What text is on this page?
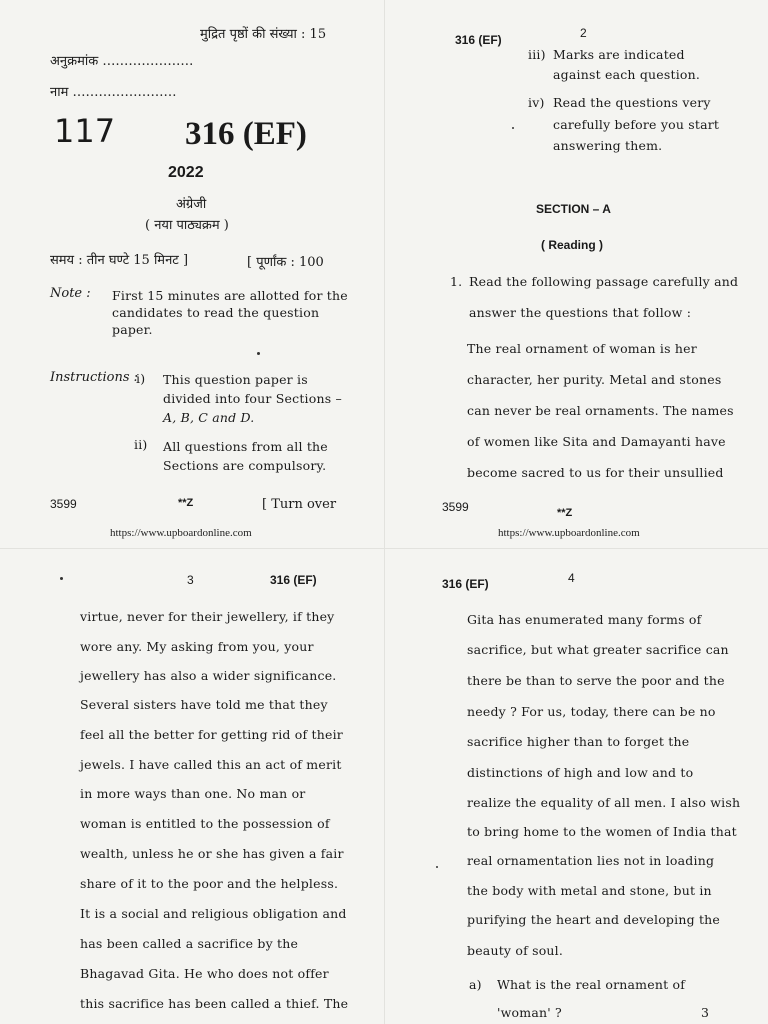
मुद्रित पृष्ठों की संख्या : 15
अनुक्रमांक …………………
नाम ……………………
117 316 (EF)
2022
अंग्रेजी
( नया पाठ्यक्रम )
समय : तीन घण्टे 15 मिनट ]	[ पूर्णांक : 100
Note : First 15 minutes are allotted for the
candidates to read the question
paper.
Instructions :
i) This question paper is
divided into four Sections –
A, B, C and D.
ii) All questions from all the
Sections are compulsory.
3599	**Z	[ Turn over
https://www.upboardonline.com
316 (EF)	2
iii) Marks are indicated
against each question.
iv) Read the questions very
carefully before you start
answering them.
SECTION – A
( Reading )
1. Read the following passage carefully and
answer the questions that follow :
The real ornament of woman is her
character, her purity. Metal and stones
can never be real ornaments. The names
of women like Sita and Damayanti have
become sacred to us for their unsullied
3599	**Z
https://www.upboardonline.com
3	316 (EF)
virtue, never for their jewellery, if they
wore any. My asking from you, your
jewellery has also a wider significance.
Several sisters have told me that they
feel all the better for getting rid of their
jewels. I have called this an act of merit
in more ways than one. No man or
woman is entitled to the possession of
wealth, unless he or she has given a fair
share of it to the poor and the helpless.
It is a social and religious obligation and
has been called a sacrifice by the
Bhagavad Gita. He who does not offer
this sacrifice has been called a thief. The
316 (EF)	4
Gita has enumerated many forms of
sacrifice, but what greater sacrifice can
there be than to serve the poor and the
needy ? For us, today, there can be no
sacrifice higher than to forget the
distinctions of high and low and to
realize the equality of all men. I also wish
to bring home to the women of India that
real ornamentation lies not in loading
the body with metal and stone, but in
purifying the heart and developing the
beauty of soul.
a) What is the real ornament of
'woman' ?	3
